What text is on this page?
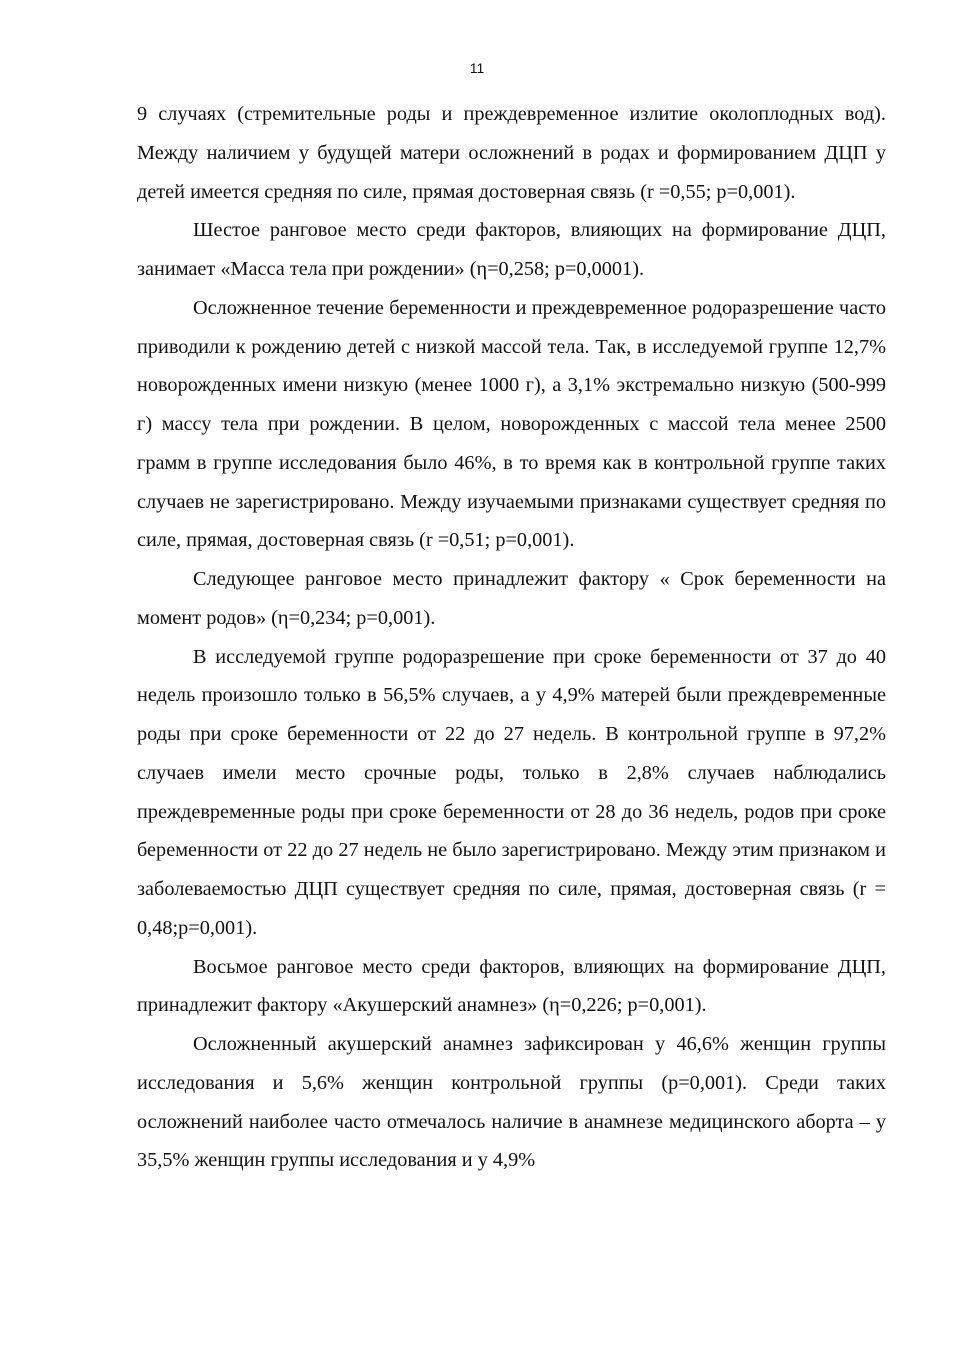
11

9 случаях (стремительные роды и преждевременное излитие околоплодных вод). Между наличием у будущей матери осложнений в родах и формированием ДЦП у детей имеется средняя по силе, прямая достоверная связь (r =0,55; p=0,001).

Шестое ранговое место среди факторов, влияющих на формирование ДЦП, занимает «Масса тела при рождении» (η=0,258; p=0,0001).

Осложненное течение беременности и преждевременное родоразрешение часто приводили к рождению детей с низкой массой тела. Так, в исследуемой группе 12,7% новорожденных имени низкую (менее 1000 г), а 3,1% экстремально низкую (500-999 г) массу тела при рождении. В целом, новорожденных с массой тела менее 2500 грамм в группе исследования было 46%, в то время как в контрольной группе таких случаев не зарегистрировано. Между изучаемыми признаками существует средняя по силе, прямая, достоверная связь (r =0,51; p=0,001).

Следующее ранговое место принадлежит фактору « Срок беременности на момент родов» (η=0,234; p=0,001).

В исследуемой группе родоразрешение при сроке беременности от 37 до 40 недель произошло только в 56,5% случаев, а у 4,9% матерей были преждевременные роды при сроке беременности от 22 до 27 недель. В контрольной группе в 97,2% случаев имели место срочные роды, только в 2,8% случаев наблюдались преждевременные роды при сроке беременности от 28 до 36 недель, родов при сроке беременности от 22 до 27 недель не было зарегистрировано. Между этим признаком и заболеваемостью ДЦП существует средняя по силе, прямая, достоверная связь (r = 0,48;p=0,001).

Восьмое ранговое место среди факторов, влияющих на формирование ДЦП, принадлежит фактору «Акушерский анамнез» (η=0,226; p=0,001).

Осложненный акушерский анамнез зафиксирован у 46,6% женщин группы исследования и 5,6% женщин контрольной группы (p=0,001). Среди таких осложнений наиболее часто отмечалось наличие в анамнезе медицинского аборта – у 35,5% женщин группы исследования и у 4,9%
